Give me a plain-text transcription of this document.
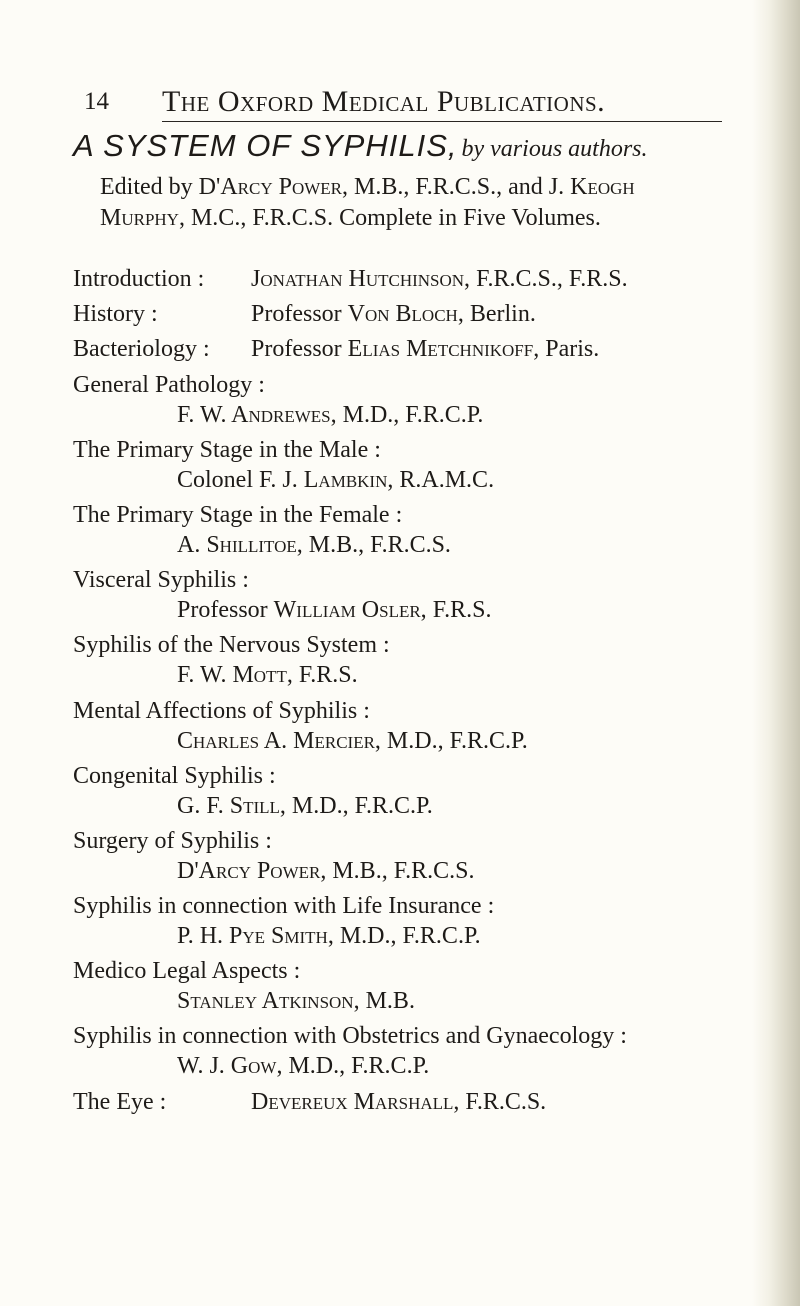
14 The Oxford Medical Publications.
A SYSTEM OF SYPHILIS, by various authors.
Edited by D'Arcy Power, M.B., F.R.C.S., and J. Keogh Murphy, M.C., F.R.C.S. Complete in Five Volumes.
Introduction :	Jonathan Hutchinson, F.R.C.S., F.R.S.
History :	Professor Von Bloch, Berlin.
Bacteriology :	Professor Elias Metchnikoff, Paris.
General Pathology :
F. W. Andrewes, M.D., F.R.C.P.
The Primary Stage in the Male :
Colonel F. J. Lambkin, R.A.M.C.
The Primary Stage in the Female :
A. Shillitoe, M.B., F.R.C.S.
Visceral Syphilis :
Professor William Osler, F.R.S.
Syphilis of the Nervous System :
F. W. Mott, F.R.S.
Mental Affections of Syphilis :
Charles A. Mercier, M.D., F.R.C.P.
Congenital Syphilis :
G. F. Still, M.D., F.R.C.P.
Surgery of Syphilis :
D'Arcy Power, M.B., F.R.C.S.
Syphilis in connection with Life Insurance :
P. H. Pye Smith, M.D., F.R.C.P.
Medico Legal Aspects :
Stanley Atkinson, M.B.
Syphilis in connection with Obstetrics and Gynaecology :
W. J. Gow, M.D., F.R.C.P.
The Eye :	Devereux Marshall, F.R.C.S.
